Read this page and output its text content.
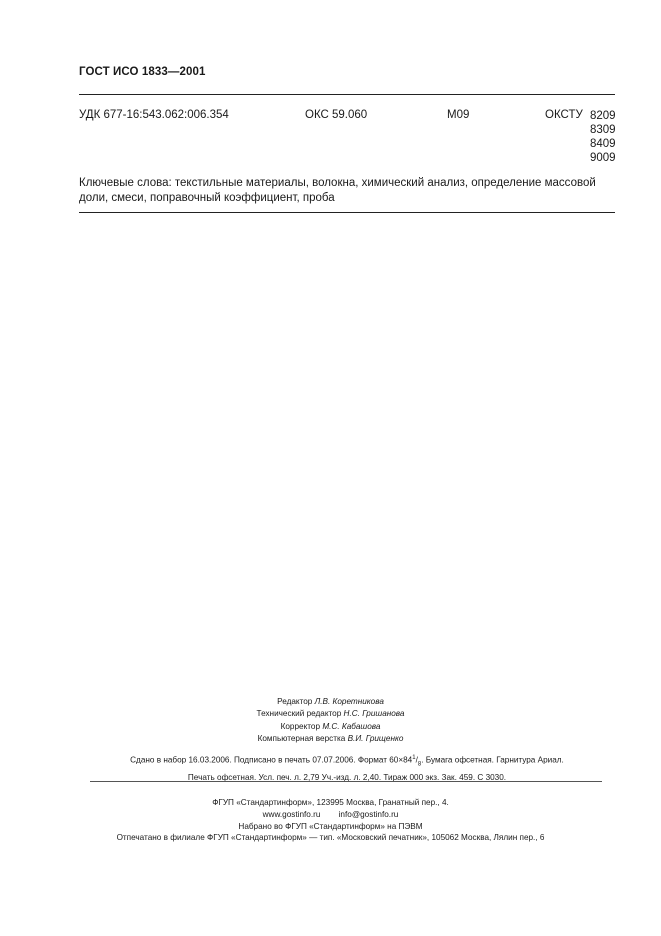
ГОСТ ИСО 1833—2001
УДК 677-16:543.062:006.354	ОКС 59.060	М09	ОКСТУ 8209
8309
8409
9009
Ключевые слова: текстильные материалы, волокна, химический анализ, определение массовой доли, смеси, поправочный коэффициент, проба
Редактор Л.В. Коретникова
Технический редактор Н.С. Гришанова
Корректор М.С. Кабашова
Компьютерная верстка В.И. Грищенко
Сдано в набор 16.03.2006. Подписано в печать 07.07.2006. Формат $60\times 84^1/_8$. Бумага офсетная. Гарнитура Ариал.
Печать офсетная. Усл. печ. л. 2,79 Уч.-изд. л. 2,40. Тираж 000 экз. Зак. 459. С 3030.
ФГУП «Стандартинформ», 123995 Москва, Гранатный пер., 4.
www.gostinfo.ru        info@gostinfo.ru
Набрано во ФГУП «Стандартинформ» на ПЭВМ
Отпечатано в филиале ФГУП «Стандартинформ» — тип. «Московский печатник», 105062 Москва, Лялин пер., 6
